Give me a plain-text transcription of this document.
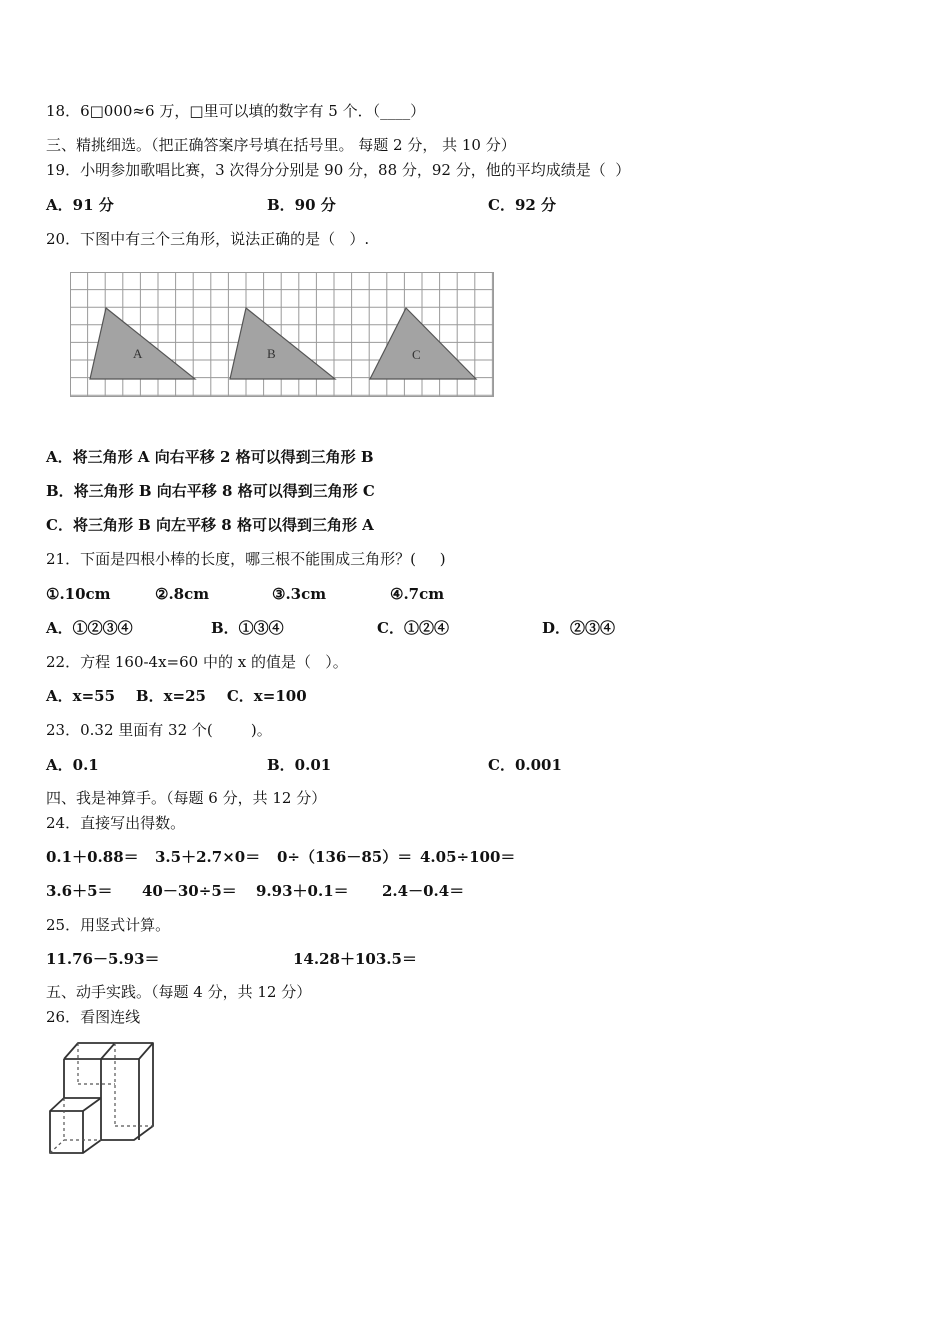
18．6□000≈6 万，□里可以填的数字有 5 个．（____）
三、精挑细选。（把正确答案序号填在括号里。 每题 2 分， 共 10 分）
19．小明参加歌唱比赛，3 次得分分别是 90 分，88 分，92 分，他的平均成绩是（  ）
A．91 分	B．90 分	C．92 分
20．下图中有三个三角形，说法正确的是（   ）.
A	B	C
A．将三角形 A 向右平移 2 格可以得到三角形 B
B．将三角形 B 向右平移 8 格可以得到三角形 C
C．将三角形 B 向左平移 8 格可以得到三角形 A
21．下面是四根小棒的长度，哪三根不能围成三角形？(     )
①.10cm	②.8cm	③.3cm	④.7cm
A．①②③④	B．①③④	C．①②④	D．②③④
22．方程 160-4x=60 中的 x 的值是（   ）。
A．x=55    B．x=25    C．x=100
23．0.32 里面有 32 个(        )。
A．0.1	B．0.01	C．0.001
四、我是神算手。（每题 6 分，共 12 分）
24．直接写出得数。
0.1＋0.88＝ 3.5＋2.7×0＝ 0÷（136－85）＝ 4.05÷100＝
3.6＋5＝ 40－30÷5＝ 9.93＋0.1＝ 2.4－0.4＝
25．用竖式计算。
11.76－5.93＝	14.28＋103.5＝
五、动手实践。（每题 4 分，共 12 分）
26．看图连线
